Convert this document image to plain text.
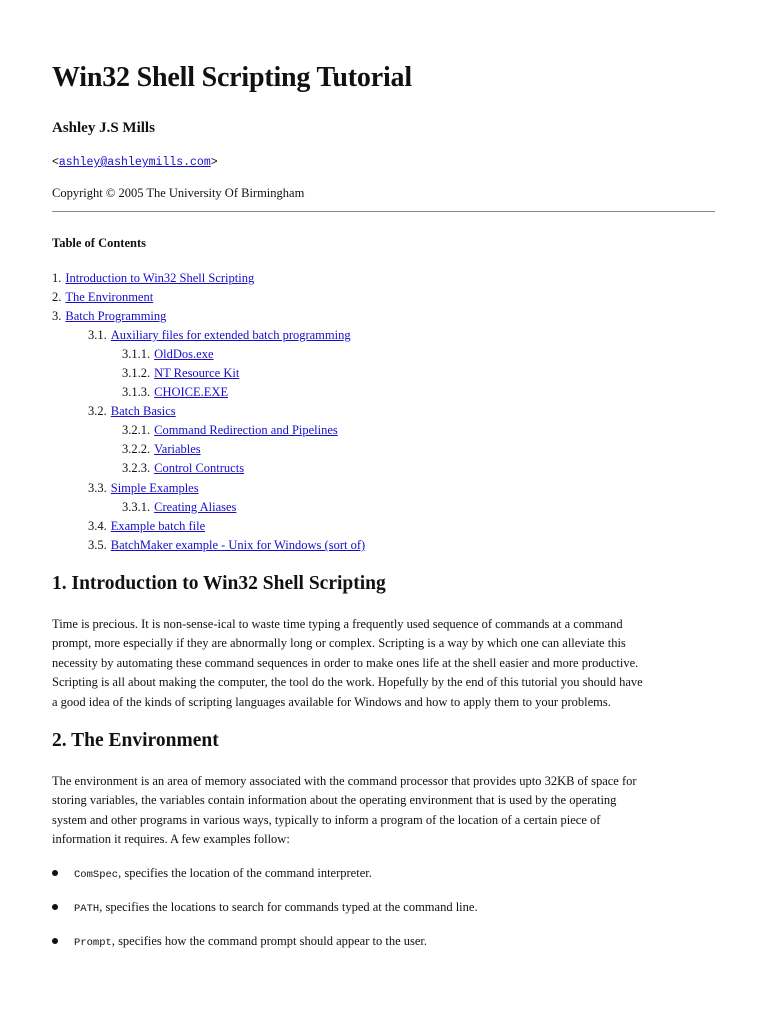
Win32 Shell Scripting Tutorial
Ashley J.S Mills
<ashley@ashleymills.com>
Copyright © 2005 The University Of Birmingham
Table of Contents
1. Introduction to Win32 Shell Scripting
2. The Environment
3. Batch Programming
3.1. Auxiliary files for extended batch programming
3.1.1. OldDos.exe
3.1.2. NT Resource Kit
3.1.3. CHOICE.EXE
3.2. Batch Basics
3.2.1. Command Redirection and Pipelines
3.2.2. Variables
3.2.3. Control Contructs
3.3. Simple Examples
3.3.1. Creating Aliases
3.4. Example batch file
3.5. BatchMaker example - Unix for Windows (sort of)
1. Introduction to Win32 Shell Scripting

Time is precious. It is non-sense-ical to waste time typing a frequently used sequence of commands at a command
prompt, more especially if they are abnormally long or complex. Scripting is a way by which one can alleviate this
necessity by automating these command sequences in order to make ones life at the shell easier and more productive.
Scripting is all about making the computer, the tool do the work. Hopefully by the end of this tutorial you should have
a good idea of the kinds of scripting languages available for Windows and how to apply them to your problems.

2. The Environment

The environment is an area of memory associated with the command processor that provides upto 32KB of space for
storing variables, the variables contain information about the operating environment that is used by the operating
system and other programs in various ways, typically to inform a program of the location of a certain piece of
information it requires. A few examples follow:

ComSpec, specifies the location of the command interpreter.
PATH, specifies the locations to search for commands typed at the command line.
Prompt, specifies how the command prompt should appear to the user.
